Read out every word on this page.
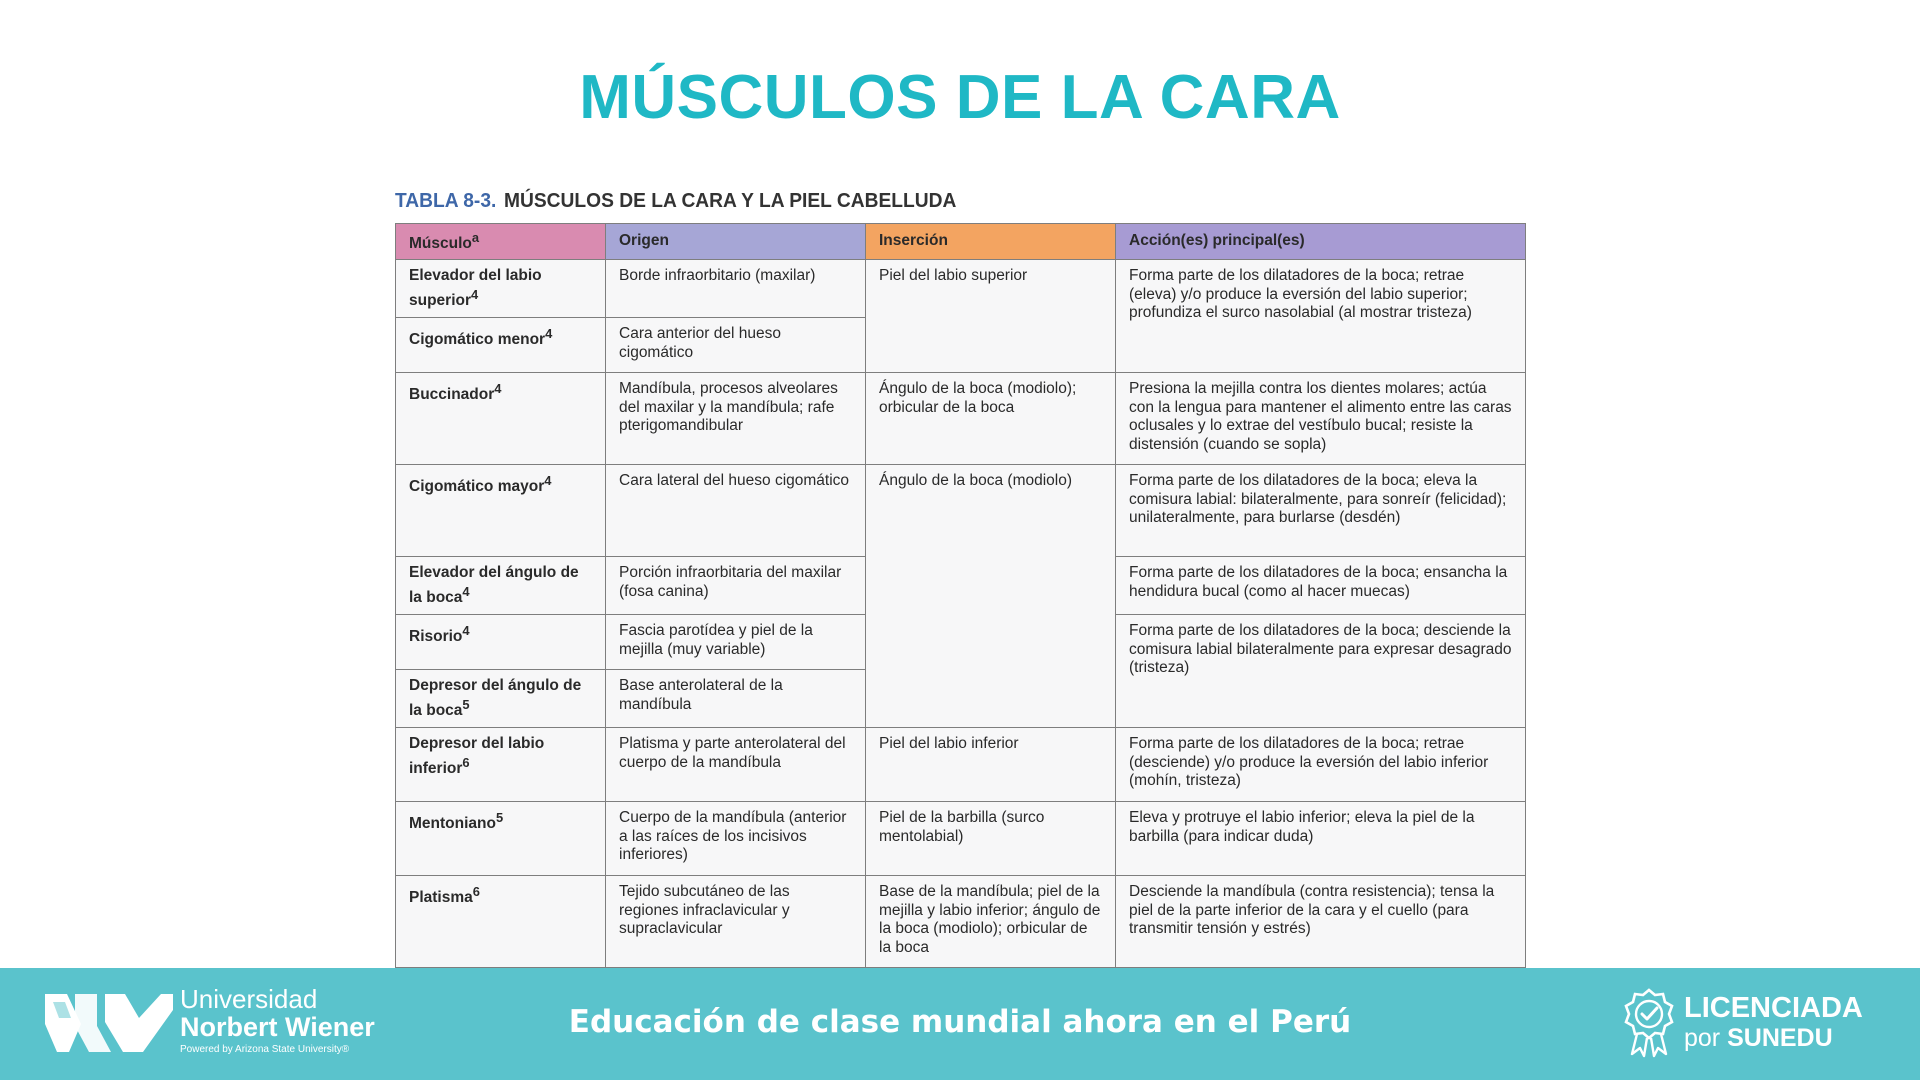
MÚSCULOS DE LA CARA
TABLA 8-3. MÚSCULOS DE LA CARA Y LA PIEL CABELLUDA
Músculo$^a$	Origen	Inserción	Acción(es) principal(es)
Elevador del labio superior$^4$	Borde infraorbitario (maxilar)	Piel del labio superior	Forma parte de los dilatadores de la boca; retrae (eleva) y/o produce la eversión del labio superior; profundiza el surco nasolabial (al mostrar tristeza)
Cigomático menor$^4$	Cara anterior del hueso cigomático		
Buccinador$^4$	Mandíbula, procesos alveolares del maxilar y la mandíbula; rafe pterigomandibular	Ángulo de la boca (modiolo); orbicular de la boca	Presiona la mejilla contra los dientes molares; actúa con la lengua para mantener el alimento entre las caras oclusales y lo extrae del vestíbulo bucal; resiste la distensión (cuando se sopla)
Cigomático mayor$^4$	Cara lateral del hueso cigomático	Ángulo de la boca (modiolo)	Forma parte de los dilatadores de la boca; eleva la comisura labial: bilateralmente, para sonreír (felicidad); unilateralmente, para burlarse (desdén)
Elevador del ángulo de la boca$^4$	Porción infraorbitaria del maxilar (fosa canina)		Forma parte de los dilatadores de la boca; ensancha la hendidura bucal (como al hacer muecas)
Risorio$^4$	Fascia parotídea y piel de la mejilla (muy variable)		Forma parte de los dilatadores de la boca; desciende la comisura labial bilateralmente para expresar desagrado (tristeza)
Depresor del ángulo de la boca$^5$	Base anterolateral de la mandíbula		
Depresor del labio inferior$^6$	Platisma y parte anterolateral del cuerpo de la mandíbula	Piel del labio inferior	Forma parte de los dilatadores de la boca; retrae (desciende) y/o produce la eversión del labio inferior (mohín, tristeza)
Mentoniano$^5$	Cuerpo de la mandíbula (anterior a las raíces de los incisivos inferiores)	Piel de la barbilla (surco mentolabial)	Eleva y protruye el labio inferior; eleva la piel de la barbilla (para indicar duda)
Platisma$^6$	Tejido subcutáneo de las regiones infraclavicular y supraclavicular	Base de la mandíbula; piel de la mejilla y labio inferior; ángulo de la boca (modiolo); orbicular de la boca	Desciende la mandíbula (contra resistencia); tensa la piel de la parte inferior de la cara y el cuello (para transmitir tensión y estrés)
Universidad
Norbert Wiener
Powered by Arizona State University®
Educación de clase mundial ahora en el Perú	LICENCIADA
por SUNEDU
